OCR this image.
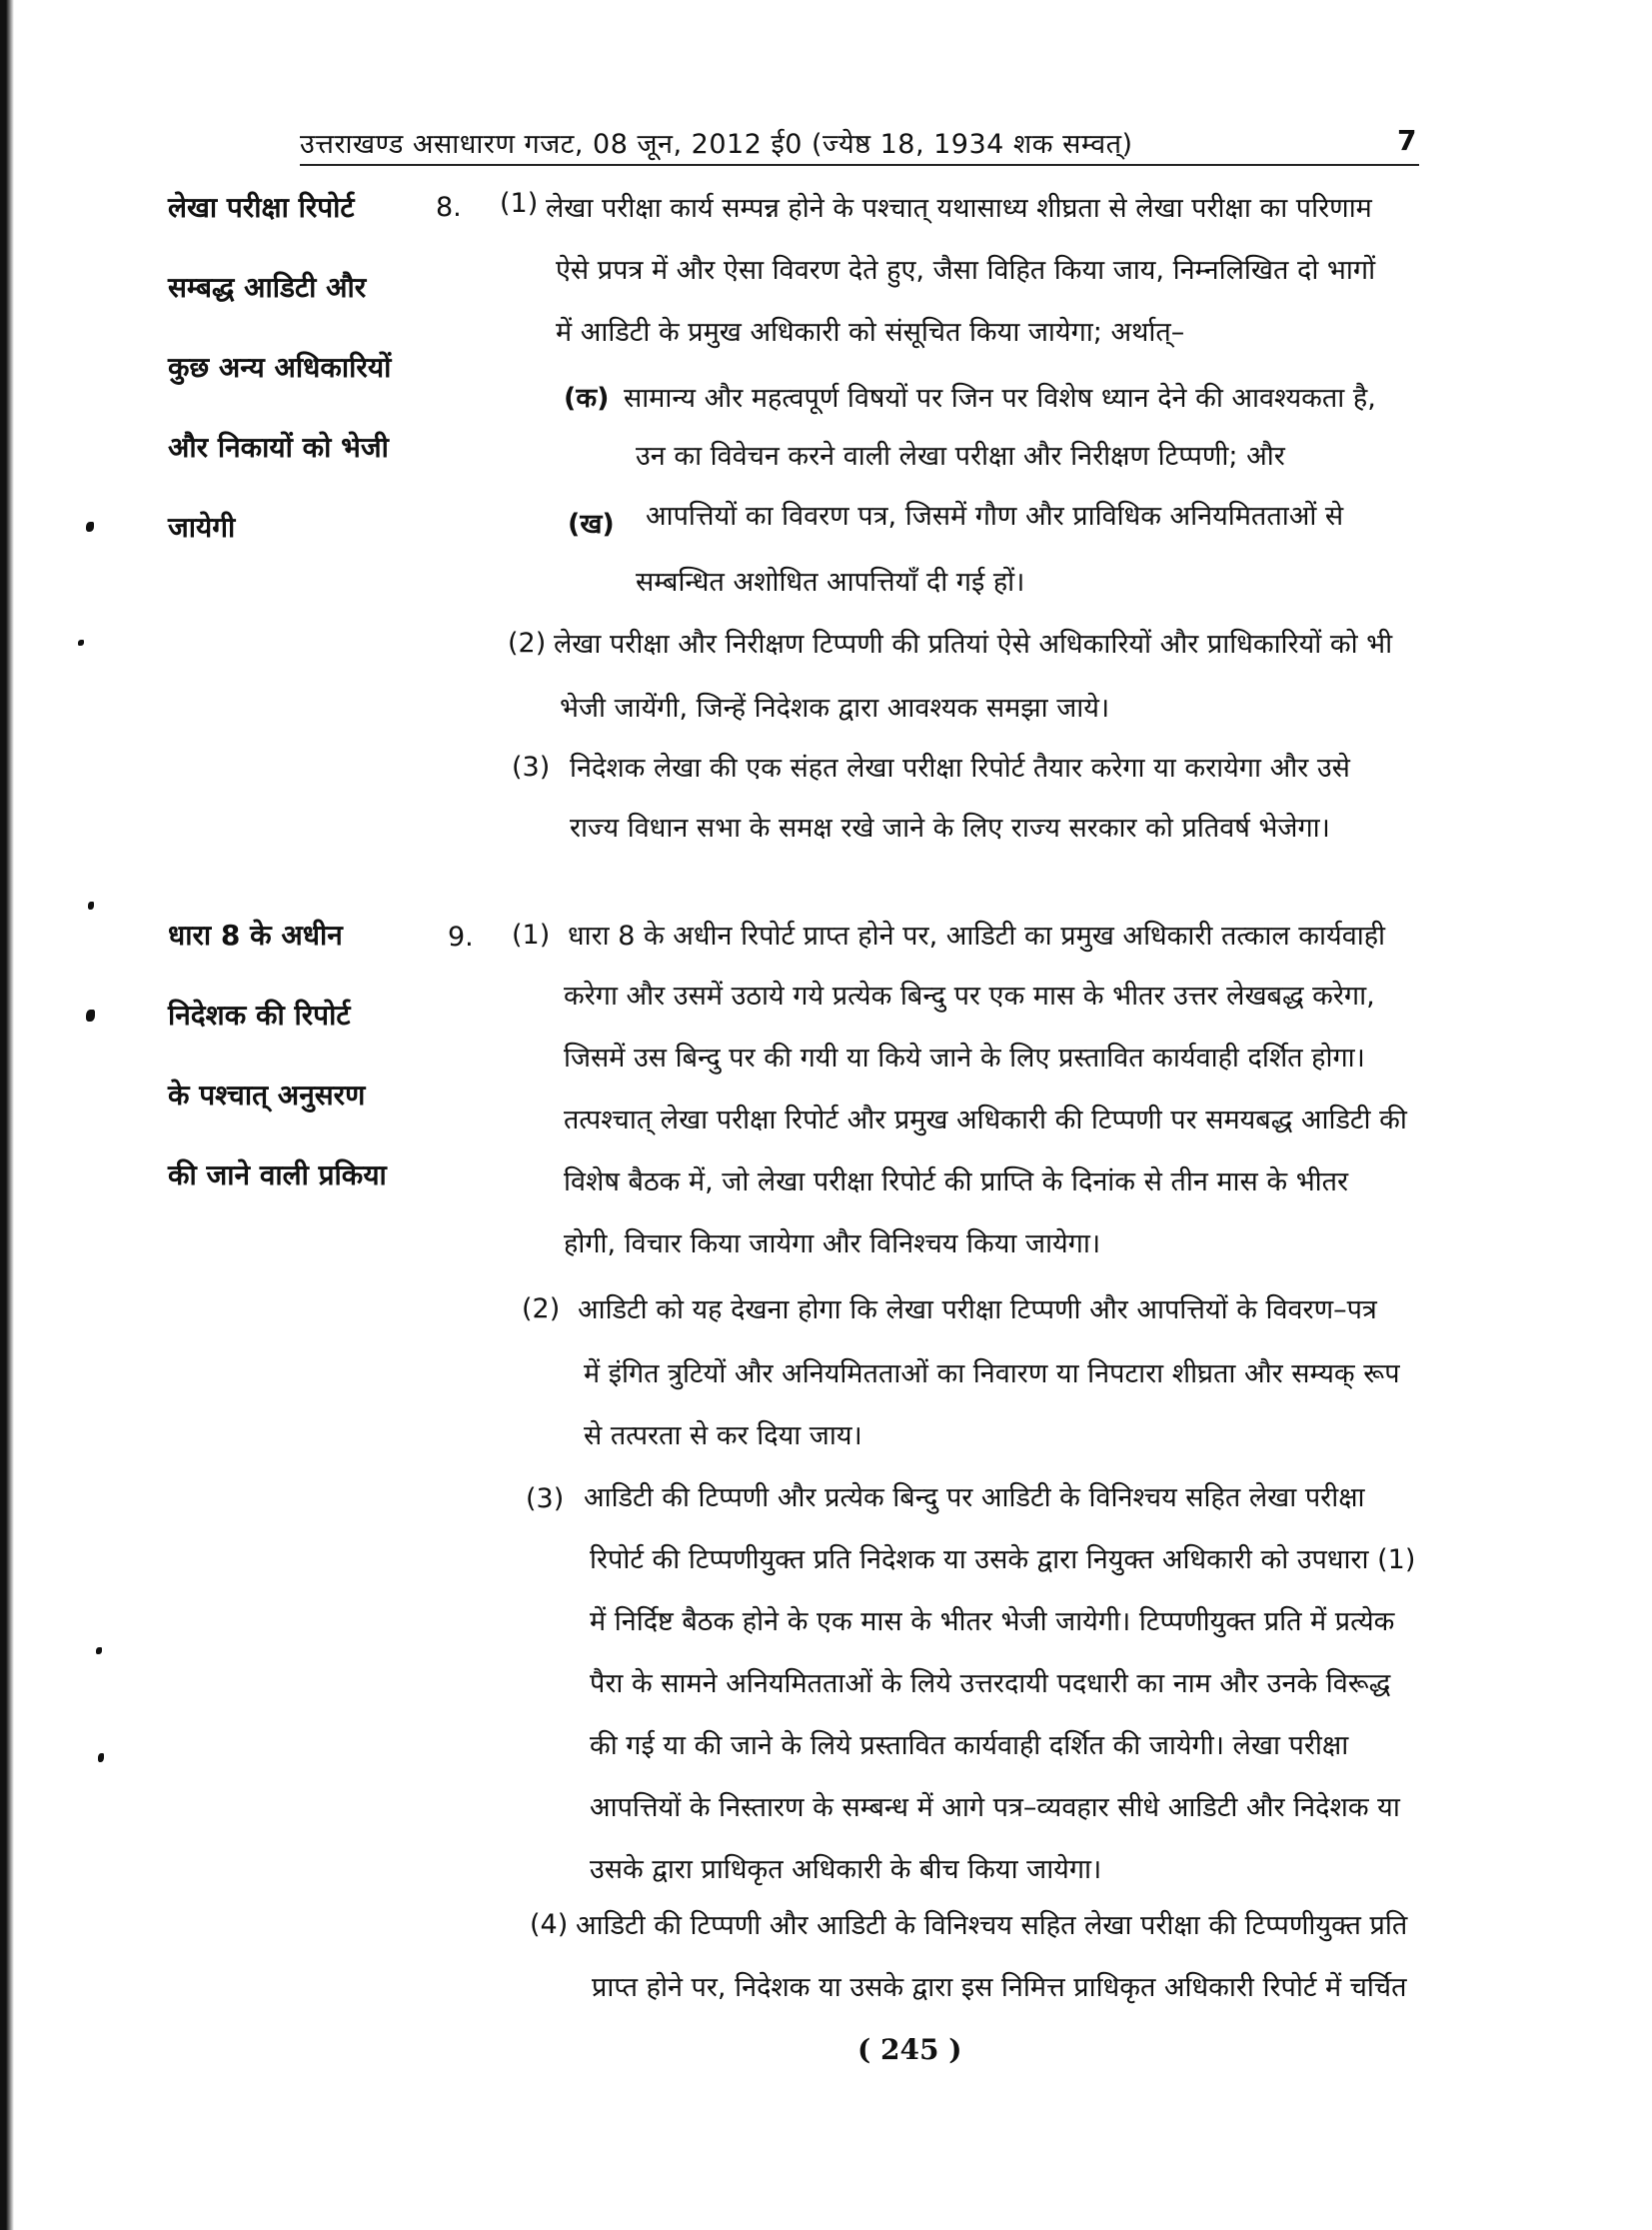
उत्तराखण्ड असाधारण गजट, 08 जून, 2012 ई0 (ज्येष्ठ 18, 1934 शक सम्वत्)	7
लेखा परीक्षा रिपोर्ट
सम्बद्ध आडिटी और
कुछ अन्य अधिकारियों
और निकायों को भेजी
जायेगी
8. (1) लेखा परीक्षा कार्य सम्पन्न होने के पश्चात् यथासाध्य शीघ्रता से लेखा परीक्षा का परिणाम
ऐसे प्रपत्र में और ऐसा विवरण देते हुए, जैसा विहित किया जाय, निम्नलिखित दो भागों
में आडिटी के प्रमुख अधिकारी को संसूचित किया जायेगा; अर्थात्–
(क) सामान्य और महत्वपूर्ण विषयों पर जिन पर विशेष ध्यान देने की आवश्यकता है,
उन का विवेचन करने वाली लेखा परीक्षा और निरीक्षण टिप्पणी; और
(ख) आपत्तियों का विवरण पत्र, जिसमें गौण और प्राविधिक अनियमितताओं से
सम्बन्धित अशोधित आपत्तियाँ दी गई हों।
(2) लेखा परीक्षा और निरीक्षण टिप्पणी की प्रतियां ऐसे अधिकारियों और प्राधिकारियों को भी
भेजी जायेंगी, जिन्हें निदेशक द्वारा आवश्यक समझा जाये।
(3) निदेशक लेखा की एक संहत लेखा परीक्षा रिपोर्ट तैयार करेगा या करायेगा और उसे
राज्य विधान सभा के समक्ष रखे जाने के लिए राज्य सरकार को प्रतिवर्ष भेजेगा।
धारा 8 के अधीन
निदेशक की रिपोर्ट
के पश्चात् अनुसरण
की जाने वाली प्रकिया
9. (1) धारा 8 के अधीन रिपोर्ट प्राप्त होने पर, आडिटी का प्रमुख अधिकारी तत्काल कार्यवाही
करेगा और उसमें उठाये गये प्रत्येक बिन्दु पर एक मास के भीतर उत्तर लेखबद्ध करेगा,
जिसमें उस बिन्दु पर की गयी या किये जाने के लिए प्रस्तावित कार्यवाही दर्शित होगा।
तत्पश्चात् लेखा परीक्षा रिपोर्ट और प्रमुख अधिकारी की टिप्पणी पर समयबद्ध आडिटी की
विशेष बैठक में, जो लेखा परीक्षा रिपोर्ट की प्राप्ति के दिनांक से तीन मास के भीतर
होगी, विचार किया जायेगा और विनिश्चय किया जायेगा।
(2) आडिटी को यह देखना होगा कि लेखा परीक्षा टिप्पणी और आपत्तियों के विवरण–पत्र
में इंगित त्रुटियों और अनियमितताओं का निवारण या निपटारा शीघ्रता और सम्यक् रूप
से तत्परता से कर दिया जाय।
(3) आडिटी की टिप्पणी और प्रत्येक बिन्दु पर आडिटी के विनिश्चय सहित लेखा परीक्षा
रिपोर्ट की टिप्पणीयुक्त प्रति निदेशक या उसके द्वारा नियुक्त अधिकारी को उपधारा (1)
में निर्दिष्ट बैठक होने के एक मास के भीतर भेजी जायेगी। टिप्पणीयुक्त प्रति में प्रत्येक
पैरा के सामने अनियमितताओं के लिये उत्तरदायी पदधारी का नाम और उनके विरूद्ध
की गई या की जाने के लिये प्रस्तावित कार्यवाही दर्शित की जायेगी। लेखा परीक्षा
आपत्तियों के निस्तारण के सम्बन्ध में आगे पत्र–व्यवहार सीधे आडिटी और निदेशक या
उसके द्वारा प्राधिकृत अधिकारी के बीच किया जायेगा।
(4) आडिटी की टिप्पणी और आडिटी के विनिश्चय सहित लेखा परीक्षा की टिप्पणीयुक्त प्रति
प्राप्त होने पर, निदेशक या उसके द्वारा इस निमित्त प्राधिकृत अधिकारी रिपोर्ट में चर्चित
( 245 )
